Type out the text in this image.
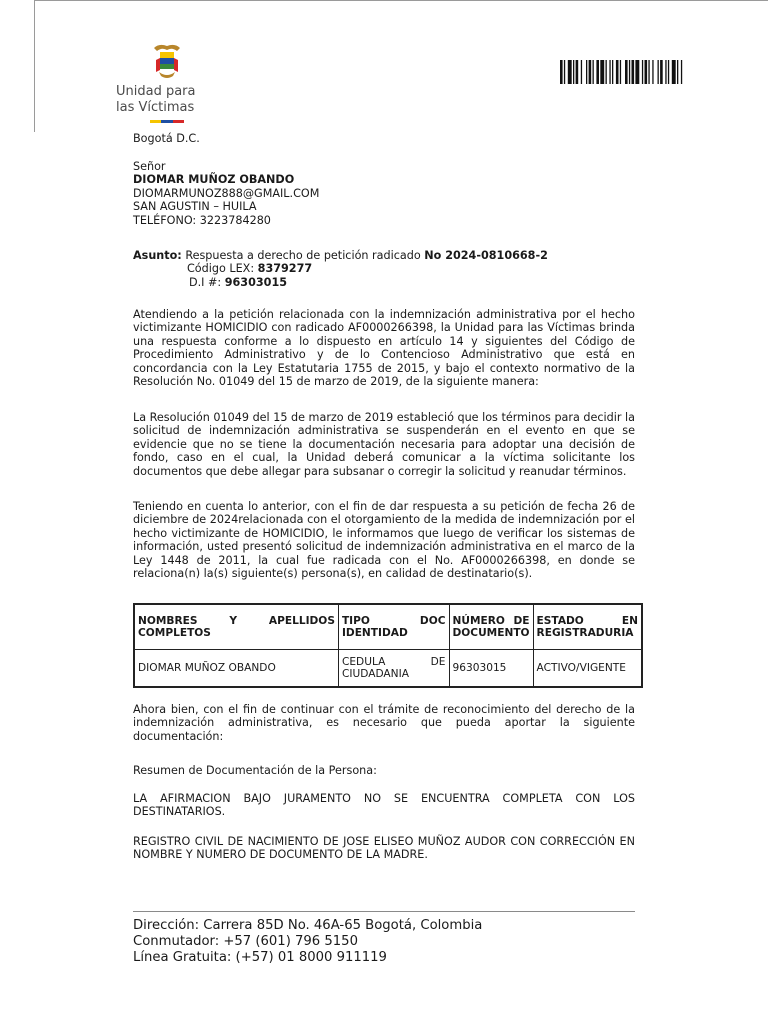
Unidad para
las Víctimas
Bogotá D.C.
Señor
DIOMAR MUÑOZ OBANDO
DIOMARMUNOZ888@GMAIL.COM
SAN AGUSTIN – HUILA
TELÉFONO: 3223784280
Asunto: Respuesta a derecho de petición radicado No 2024-0810668-2
Código LEX: 8379277
D.I #: 96303015
Atendiendo a la petición relacionada con la indemnización administrativa por el hecho victimizante HOMICIDIO con radicado AF0000266398, la Unidad para las Víctimas brinda una respuesta conforme a lo dispuesto en artículo 14 y siguientes del Código de Procedimiento Administrativo y de lo Contencioso Administrativo que está en concordancia con la Ley Estatutaria 1755 de 2015, y bajo el contexto normativo de la Resolución No. 01049 del 15 de marzo de 2019, de la siguiente manera:
La Resolución 01049 del 15 de marzo de 2019 estableció que los términos para decidir la solicitud de indemnización administrativa se suspenderán en el evento en que se evidencie que no se tiene la documentación necesaria para adoptar una decisión de fondo, caso en el cual, la Unidad deberá comunicar a la víctima solicitante los documentos que debe allegar para subsanar o corregir la solicitud y reanudar términos.
Teniendo en cuenta lo anterior, con el fin de dar respuesta a su petición de fecha 26 de diciembre de 2024relacionada con el otorgamiento de la medida de indemnización por el hecho victimizante de HOMICIDIO, le informamos que luego de verificar los sistemas de información, usted presentó solicitud de indemnización administrativa en el marco de la Ley 1448 de 2011, la cual fue radicada con el No. AF0000266398, en donde se relaciona(n) la(s) siguiente(s) persona(s), en calidad de destinatario(s).
NOMBRES Y APELLIDOS COMPLETOS	TIPO DOC IDENTIDAD	NÚMERO DE DOCUMENTO	ESTADO EN REGISTRADURIA
DIOMAR MUÑOZ OBANDO	CEDULA DE CIUDADANIA	96303015	ACTIVO/VIGENTE
Ahora bien, con el fin de continuar con el trámite de reconocimiento del derecho de la indemnización administrativa, es necesario que pueda aportar la siguiente documentación:
Resumen de Documentación de la Persona:
LA AFIRMACION BAJO JURAMENTO NO SE ENCUENTRA COMPLETA CON LOS DESTINATARIOS.
REGISTRO CIVIL DE NACIMIENTO DE JOSE ELISEO MUÑOZ AUDOR CON CORRECCIÓN EN NOMBRE Y NUMERO DE DOCUMENTO DE LA MADRE.
Dirección: Carrera 85D No. 46A-65 Bogotá, Colombia
Conmutador: +57 (601) 796 5150
Línea Gratuita: (+57) 01 8000 911119
